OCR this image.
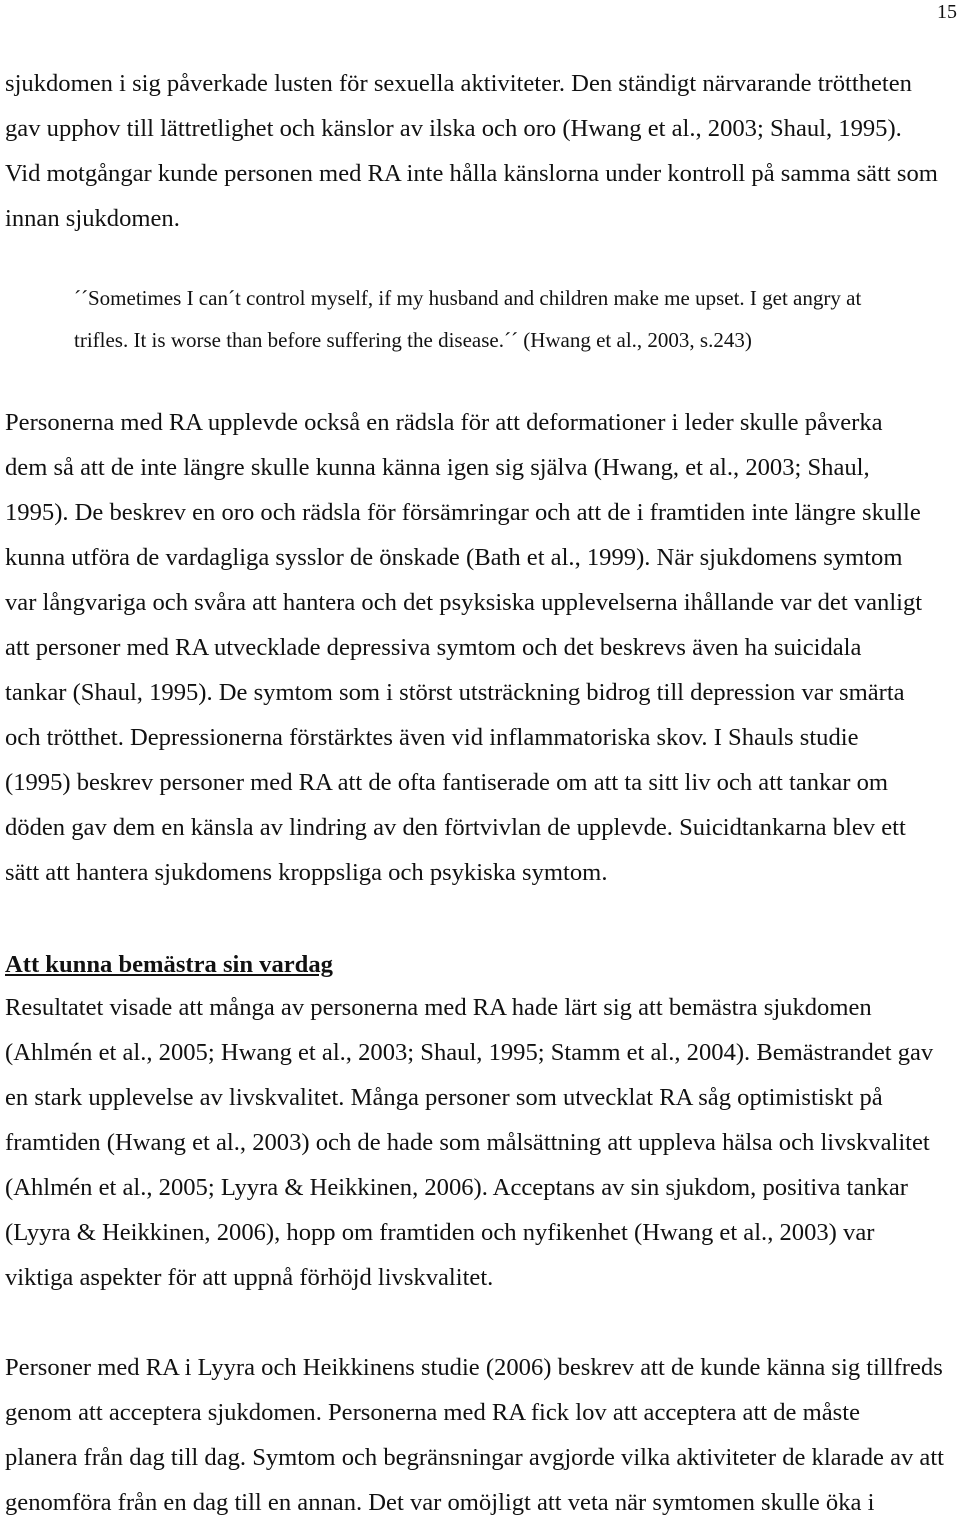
15
sjukdomen i sig påverkade lusten för sexuella aktiviteter. Den ständigt närvarande tröttheten
gav upphov till lättretlighet och känslor av ilska och oro (Hwang et al., 2003; Shaul, 1995).
Vid motgångar kunde personen med RA inte hålla känslorna under kontroll på samma sätt som
innan sjukdomen.
´´Sometimes I can´t control myself, if my husband and children make me upset. I get angry at
trifles. It is worse than before suffering the disease.´´ (Hwang et al., 2003, s.243)
Personerna med RA upplevde också en rädsla för att deformationer i leder skulle påverka
dem så att de inte längre skulle kunna känna igen sig själva (Hwang, et al., 2003; Shaul,
1995). De beskrev en oro och rädsla för försämringar och att de i framtiden inte längre skulle
kunna utföra de vardagliga sysslor de önskade (Bath et al., 1999). När sjukdomens symtom
var långvariga och svåra att hantera och det psyksiska upplevelserna ihållande var det vanligt
att personer med RA utvecklade depressiva symtom och det beskrevs även ha suicidala
tankar (Shaul, 1995). De symtom som i störst utsträckning bidrog till depression var smärta
och trötthet. Depressionerna förstärktes även vid inflammatoriska skov. I Shauls studie
(1995) beskrev personer med RA att de ofta fantiserade om att ta sitt liv och att tankar om
döden gav dem en känsla av lindring av den förtvivlan de upplevde. Suicidtankarna blev ett
sätt att hantera sjukdomens kroppsliga och psykiska symtom.
Att kunna bemästra sin vardag
Resultatet visade att många av personerna med RA hade lärt sig att bemästra sjukdomen
(Ahlmén et al., 2005; Hwang et al., 2003; Shaul, 1995; Stamm et al., 2004). Bemästrandet gav
en stark upplevelse av livskvalitet. Många personer som utvecklat RA såg optimistiskt på
framtiden (Hwang et al., 2003) och de hade som målsättning att uppleva hälsa och livskvalitet
(Ahlmén et al., 2005; Lyyra & Heikkinen, 2006). Acceptans av sin sjukdom, positiva tankar
(Lyyra & Heikkinen, 2006), hopp om framtiden och nyfikenhet (Hwang et al., 2003) var
viktiga aspekter för att uppnå förhöjd livskvalitet.
Personer med RA i Lyyra och Heikkinens studie (2006) beskrev att de kunde känna sig tillfreds
genom att acceptera sjukdomen. Personerna med RA fick lov att acceptera att de måste
planera från dag till dag. Symtom och begränsningar avgjorde vilka aktiviteter de klarade av att
genomföra från en dag till en annan. Det var omöjligt att veta när symtomen skulle öka i
